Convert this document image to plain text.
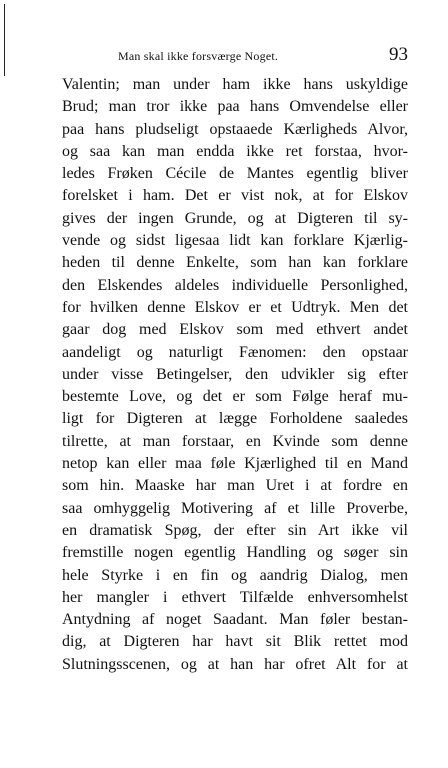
Man skal ikke forsværge Noget.	93
Valentin; man under ham ikke hans uskyldige
Brud; man tror ikke paa hans Omvendelse eller
paa hans pludseligt opstaaede Kærligheds Alvor,
og saa kan man endda ikke ret forstaa, hvor-
ledes Frøken Cécile de Mantes egentlig bliver
forelsket i ham. Det er vist nok, at for Elskov
gives der ingen Grunde, og at Digteren til sy-
vende og sidst ligesaa lidt kan forklare Kjærlig-
heden til denne Enkelte, som han kan forklare
den Elskendes aldeles individuelle Personlighed,
for hvilken denne Elskov er et Udtryk. Men det
gaar dog med Elskov som med ethvert andet
aandeligt og naturligt Fænomen: den opstaar
under visse Betingelser, den udvikler sig efter
bestemte Love, og det er som Følge heraf mu-
ligt for Digteren at lægge Forholdene saaledes
tilrette, at man forstaar, en Kvinde som denne
netop kan eller maa føle Kjærlighed til en Mand
som hin. Maaske har man Uret i at fordre en
saa omhyggelig Motivering af et lille Proverbe,
en dramatisk Spøg, der efter sin Art ikke vil
fremstille nogen egentlig Handling og søger sin
hele Styrke i en fin og aandrig Dialog, men
her mangler i ethvert Tilfælde enhversomhelst
Antydning af noget Saadant. Man føler bestan-
dig, at Digteren har havt sit Blik rettet mod
Slutningsscenen, og at han har ofret Alt for at
